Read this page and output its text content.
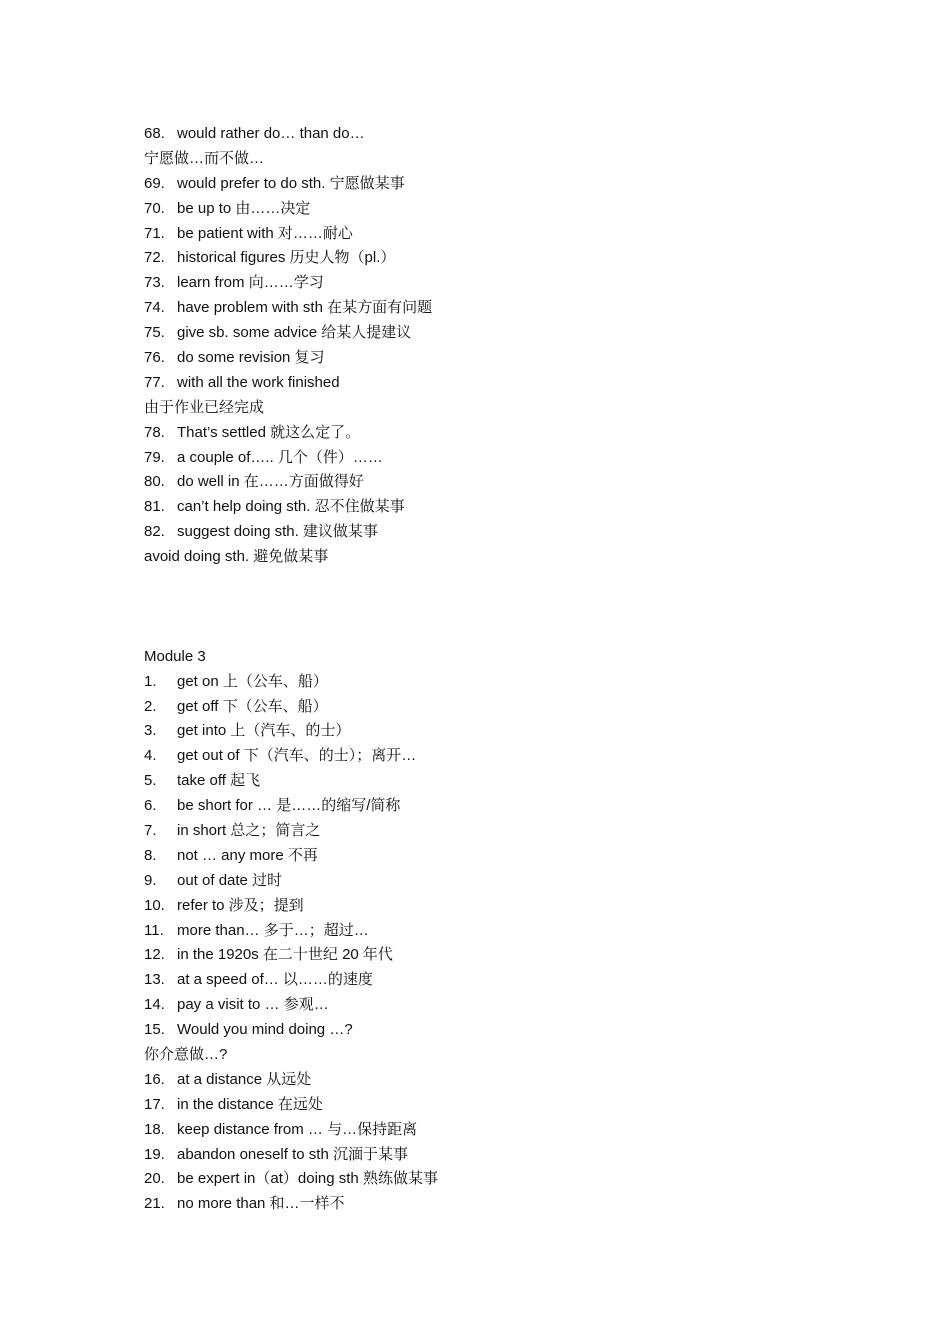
68. would rather do… than do…
宁愿做…而不做…
69. would prefer to do sth. 宁愿做某事
70. be up to 由……决定
71. be patient with 对……耐心
72. historical figures 历史人物（pl.）
73. learn from 向……学习
74. have problem with sth 在某方面有问题
75. give sb. some advice 给某人提建议
76. do some revision 复习
77. with all the work finished
由于作业已经完成
78. That’s settled 就这么定了。
79. a couple of….. 几个（件）……
80. do well in 在……方面做得好
81. can’t help doing sth. 忍不住做某事
82. suggest doing sth. 建议做某事
avoid doing sth. 避免做某事
Module 3
1. get on 上（公车、船）
2. get off 下（公车、船）
3. get into 上（汽车、的士）
4. get out of 下（汽车、的士）；离开…
5. take off 起飞
6. be short for … 是……的缩写/简称
7. in short 总之；简言之
8. not … any more 不再
9. out of date 过时
10. refer to 涉及；提到
11. more than… 多于…；超过…
12. in the 1920s 在二十世纪 20 年代
13. at a speed of… 以……的速度
14. pay a visit to … 参观…
15. Would you mind doing …?
你介意做…?
16. at a distance 从远处
17. in the distance 在远处
18. keep distance from … 与…保持距离
19. abandon oneself to sth 沉湎于某事
20. be expert in（at）doing sth 熟练做某事
21. no more than 和…一样不
